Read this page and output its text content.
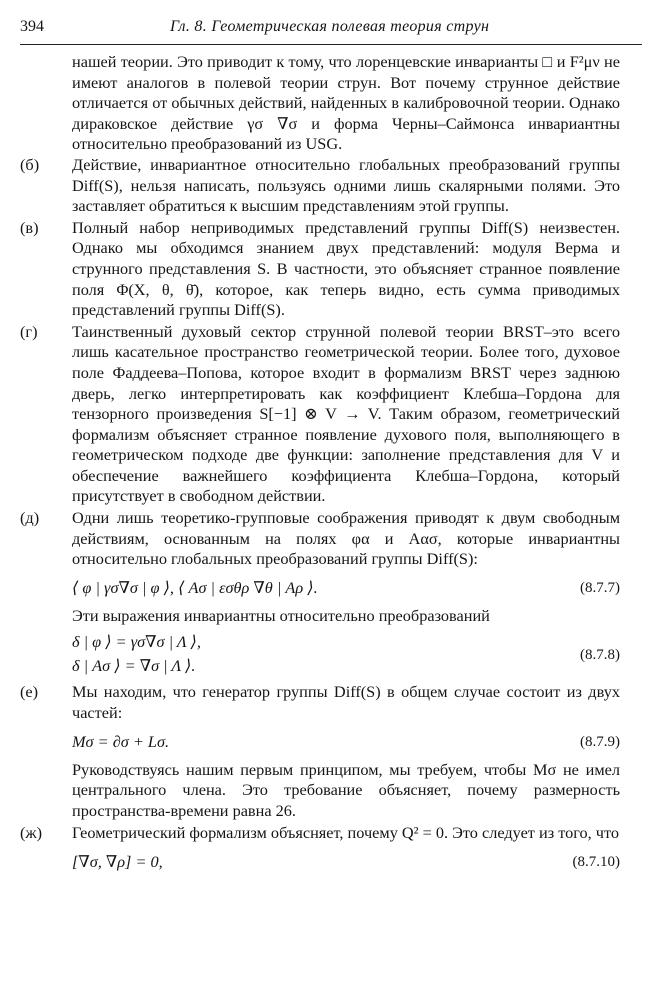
394	Гл. 8. Геометрическая полевая теория струн

нашей теории. Это приводит к тому, что лоренцевские инварианты □ и F²μν не имеют аналогов в полевой теории струн. Вот почему струнное действие отличается от обычных действий, найденных в калибровочной теории. Однако дираковское действие γσ ∇σ и форма Черны–Саймонса инвариантны относительно преобразований из USG.

(б) Действие, инвариантное относительно глобальных преобразований группы Diff(S), нельзя написать, пользуясь одними лишь скалярными полями. Это заставляет обратиться к высшим представлениям этой группы.
(в) Полный набор неприводимых представлений группы Diff(S) неизвестен. Однако мы обходимся знанием двух представлений: модуля Верма и струнного представления S. В частности, это объясняет странное появление поля Φ(X, θ, θ̄), которое, как теперь видно, есть сумма приводимых представлений группы Diff(S).
(г) Таинственный духовый сектор струнной полевой теории BRST–это всего лишь касательное пространство геометрической теории. Более того, духовое поле Фаддеева–Попова, которое входит в формализм BRST через заднюю дверь, легко интерпретировать как коэффициент Клебша–Гордона для тензорного произведения S[−1] ⊗ V → V. Таким образом, геометрический формализм объясняет странное появление духового поля, выполняющего в геометрическом подходе две функции: заполнение представления для V и обеспечение важнейшего коэффициента Клебша–Гордона, который присутствует в свободном действии.
(д) Одни лишь теоретико-групповые соображения приводят к двум свободным действиям, основанным на полях φα и Aασ, которые инвариантны относительно глобальных преобразований группы Diff(S):
⟨ φ | γσ∇σ | φ ⟩, ⟨ Aσ | εσθρ ∇θ | Aρ ⟩.	(8.7.7)

Эти выражения инвариантны относительно преобразований

δ | φ ⟩ = γσ∇σ | Λ ⟩,
δ | Aσ ⟩ = ∇σ | Λ ⟩.
(8.7.8)
(е) Мы находим, что генератор группы Diff(S) в общем случае состоит из двух частей:
Mσ = ∂σ + Lσ.	(8.7.9)

Руководствуясь нашим первым принципом, мы требуем, чтобы Mσ не имел центрального члена. Это требование объясняет, почему размерность пространства-времени равна 26.

(ж) Геометрический формализм объясняет, почему Q² = 0. Это следует из того, что
[∇σ, ∇ρ] = 0,	(8.7.10)
